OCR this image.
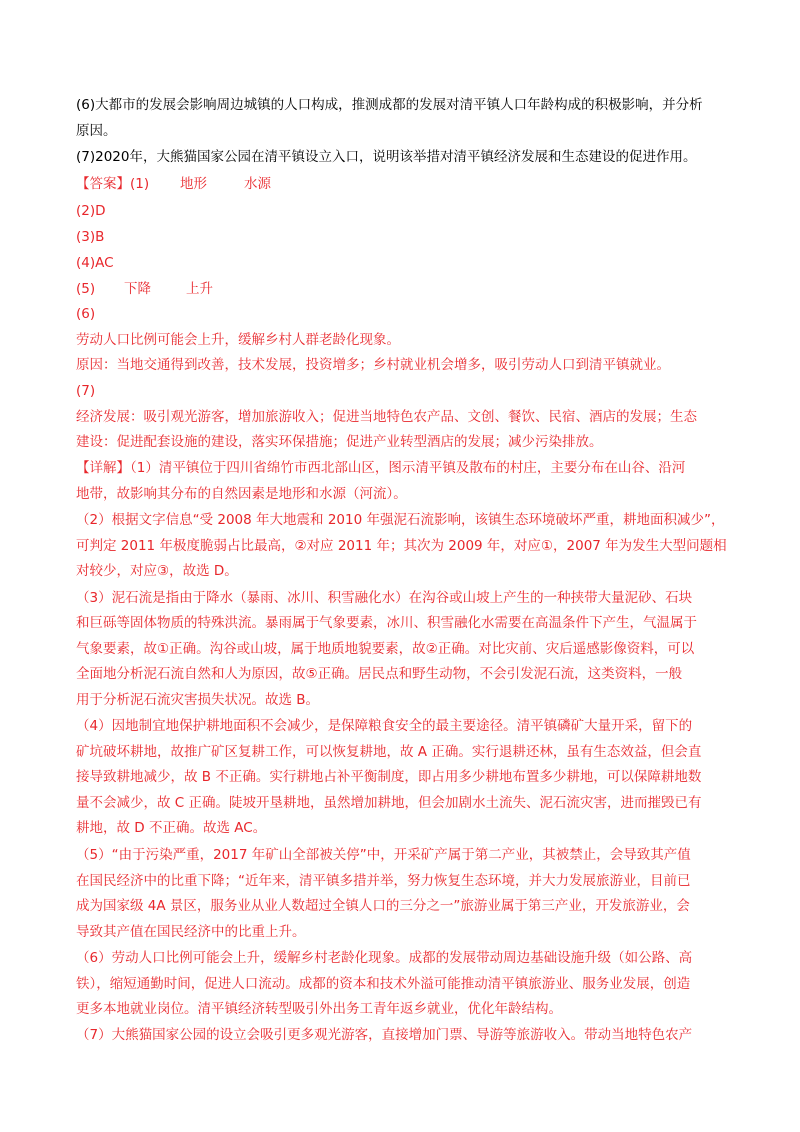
(6)大都市的发展会影响周边城镇的人口构成，推测成都的发展对清平镇人口年龄构成的积极影响，并分析
原因。
(7)2020年，大熊猫国家公园在清平镇设立入口，说明该举措对清平镇经济发展和生态建设的促进作用。
【答案】(1) 地形	水源
(2)D
(3)B
(4)AC
(5) 下降	上升
(6)
劳动人口比例可能会上升，缓解乡村人群老龄化现象。
原因：当地交通得到改善，技术发展，投资增多；乡村就业机会增多，吸引劳动人口到清平镇就业。
(7)
经济发展：吸引观光游客，增加旅游收入；促进当地特色农产品、文创、餐饮、民宿、酒店的发展；生态
建设：促进配套设施的建设，落实环保措施；促进产业转型酒店的发展；减少污染排放。
【详解】（1）清平镇位于四川省绵竹市西北部山区，图示清平镇及散布的村庄，主要分布在山谷、沿河
地带，故影响其分布的自然因素是地形和水源（河流）。
（2）根据文字信息“受 2008 年大地震和 2010 年强泥石流影响，该镇生态环境破坏严重，耕地面积减少”，
可判定 2011 年极度脆弱占比最高，②对应 2011 年；其次为 2009 年，对应①，2007 年为发生大型问题相
对较少，对应③，故选 D。
（3）泥石流是指由于降水（暴雨、冰川、积雪融化水）在沟谷或山坡上产生的一种挟带大量泥砂、石块
和巨砾等固体物质的特殊洪流。暴雨属于气象要素，冰川、积雪融化水需要在高温条件下产生，气温属于
气象要素，故①正确。沟谷或山坡，属于地质地貌要素，故②正确。对比灾前、灾后遥感影像资料，可以
全面地分析泥石流自然和人为原因，故⑤正确。居民点和野生动物，不会引发泥石流，这类资料，一般
用于分析泥石流灾害损失状况。故选 B。
（4）因地制宜地保护耕地面积不会减少，是保障粮食安全的最主要途径。清平镇磷矿大量开采，留下的
矿坑破坏耕地，故推广矿区复耕工作，可以恢复耕地，故 A 正确。实行退耕还林，虽有生态效益，但会直
接导致耕地减少，故 B 不正确。实行耕地占补平衡制度，即占用多少耕地布置多少耕地，可以保障耕地数
量不会减少，故 C 正确。陡坡开垦耕地，虽然增加耕地，但会加剧水土流失、泥石流灾害，进而摧毁已有
耕地，故 D 不正确。故选 AC。
（5）“由于污染严重，2017 年矿山全部被关停”中，开采矿产属于第二产业，其被禁止，会导致其产值
在国民经济中的比重下降；“近年来，清平镇多措并举，努力恢复生态环境，并大力发展旅游业，目前已
成为国家级 4A 景区，服务业从业人数超过全镇人口的三分之一”旅游业属于第三产业，开发旅游业，会
导致其产值在国民经济中的比重上升。
（6）劳动人口比例可能会上升，缓解乡村老龄化现象。成都的发展带动周边基础设施升级（如公路、高
铁），缩短通勤时间，促进人口流动。成都的资本和技术外溢可能推动清平镇旅游业、服务业发展，创造
更多本地就业岗位。清平镇经济转型吸引外出务工青年返乡就业，优化年龄结构。
（7）大熊猫国家公园的设立会吸引更多观光游客，直接增加门票、导游等旅游收入。带动当地特色农产
